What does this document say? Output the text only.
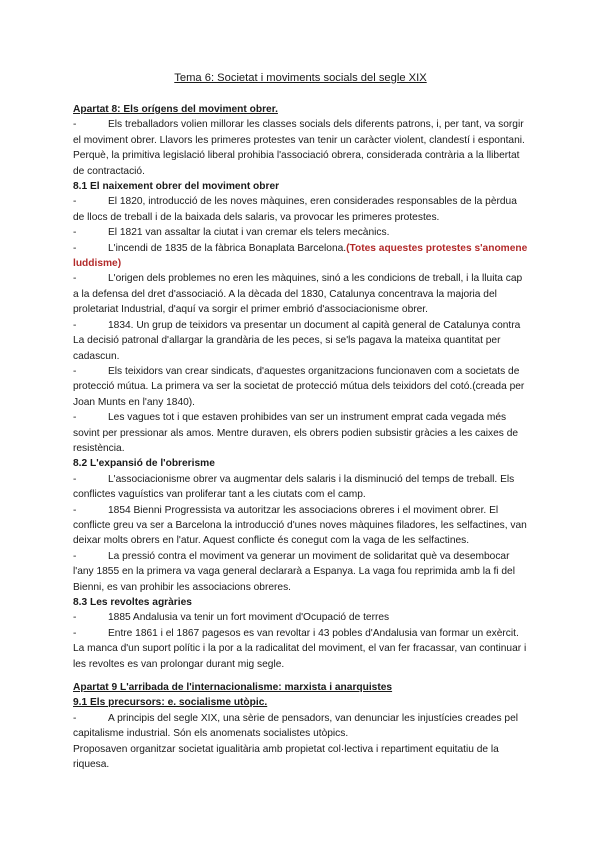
Tema 6: Societat i moviments socials del segle XIX

Apartat 8: Els orígens del moviment obrer.

-	Els treballadors volien millorar les classes socials dels diferents patrons, i, per tant, va sorgir el moviment obrer. Llavors les primeres protestes van tenir un caràcter violent, clandestí i espontani. Perquè, la primitiva legislació liberal prohibia l'associació obrera, considerada contrària a la llibertat de contractació.

8.1 El naixement obrer del moviment obrer

-	El 1820, introducció de les noves màquines, eren considerades responsables de la pèrdua de llocs de treball i de la baixada dels salaris, va provocar les primeres protestes.

-	El 1821 van assaltar la ciutat i van cremar els telers mecànics.

-	L'incendi de 1835 de la fàbrica Bonaplata Barcelona.(Totes aquestes protestes s'anomene luddisme)

-	L'origen dels problemes no eren les màquines, sinó a les condicions de treball, i la lluita cap a la defensa del dret d'associació. A la dècada del 1830, Catalunya concentrava la majoria del proletariat Industrial, d'aquí va sorgir el primer embrió d'associacionisme obrer.

-	1834. Un grup de teixidors va presentar un document al capità general de Catalunya contra La decisió patronal d'allargar la grandària de les peces, si se'ls pagava la mateixa quantitat per cadascun.

-	Els teixidors van crear sindicats, d'aquestes organitzacions funcionaven com a societats de protecció mútua. La primera va ser la societat de protecció mútua dels teixidors del cotó.(creada per Joan Munts en l'any 1840).

-	Les vagues tot i que estaven prohibides van ser un instrument emprat cada vegada més sovint per pressionar als amos. Mentre duraven, els obrers podien subsistir gràcies a les caixes de resistència.

8.2 L'expansió de l'obrerisme

-	L'associacionisme obrer va augmentar dels salaris i la disminució del temps de treball. Els conflictes vaguístics van proliferar tant a les ciutats com el camp.

-	1854 Bienni Progressista va autoritzar les associacions obreres i el moviment obrer. El conflicte greu va ser a Barcelona la introducció d'unes noves màquines filadores, les selfactines, van deixar molts obrers en l'atur. Aquest conflicte és conegut com la vaga de les selfactines.

-	La pressió contra el moviment va generar un moviment de solidaritat què va desembocar l'any 1855 en la primera va vaga general declararà a Espanya. La vaga fou reprimida amb la fi del Bienni, es van prohibir les associacions obreres.

8.3 Les revoltes agràries

-	1885 Andalusia va tenir un fort moviment d'Ocupació de terres

-	Entre 1861 i el 1867 pagesos es van revoltar i 43 pobles d'Andalusia van formar un exèrcit. La manca d'un suport polític i la por a la radicalitat del moviment, el van fer fracassar, van continuar i les revoltes es van prolongar durant mig segle.

Apartat 9 L'arribada de l'internacionalisme: marxista i anarquistes

9.1 Els precursors: e. socialisme utòpic.

-	A principis del segle XIX, una sèrie de pensadors, van denunciar les injustícies creades pel capitalisme industrial. Són els anomenats socialistes utòpics.

Proposaven organitzar societat igualitària amb propietat col·lectiva i repartiment equitatiu de la riquesa.
